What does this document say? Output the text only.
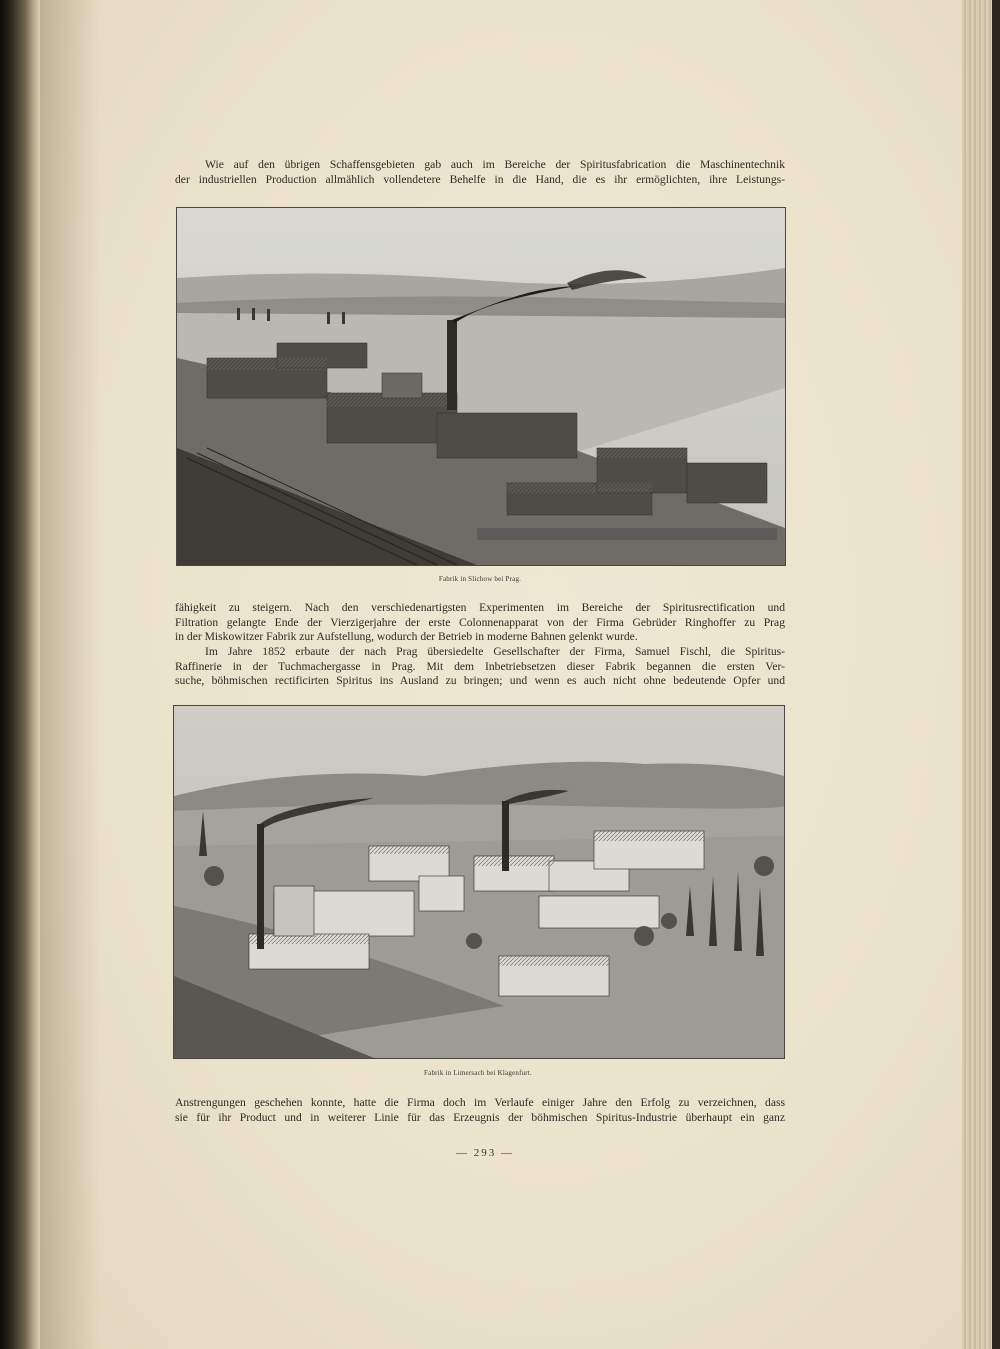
Wie auf den übrigen Schaffensgebieten gab auch im Bereiche der Spiritusfabrication die Maschinentechnik
der industriellen Production allmählich vollendetere Behelfe in die Hand, die es ihr ermöglichten, ihre Leistungs-
Fabrik in Slichow bei Prag.
fähigkeit zu steigern. Nach den verschiedenartigsten Experimenten im Bereiche der Spiritusrectification und
Filtration gelangte Ende der Vierzigerjahre der erste Colonnenapparat von der Firma Gebrüder Ringhoffer zu Prag
in der Miskowitzer Fabrik zur Aufstellung, wodurch der Betrieb in moderne Bahnen gelenkt wurde.
Im Jahre 1852 erbaute der nach Prag übersiedelte Gesellschafter der Firma, Samuel Fischl, die Spiritus-
Raffinerie in der Tuchmachergasse in Prag. Mit dem Inbetriebsetzen dieser Fabrik begannen die ersten Ver-
suche, böhmischen rectificirten Spiritus ins Ausland zu bringen; und wenn es auch nicht ohne bedeutende Opfer und
Fabrik in Limersach bei Klagenfurt.
Anstrengungen geschehen konnte, hatte die Firma doch im Verlaufe einiger Jahre den Erfolg zu verzeichnen, dass
sie für ihr Product und in weiterer Linie für das Erzeugnis der böhmischen Spiritus-Industrie überhaupt ein ganz
— 293 —
